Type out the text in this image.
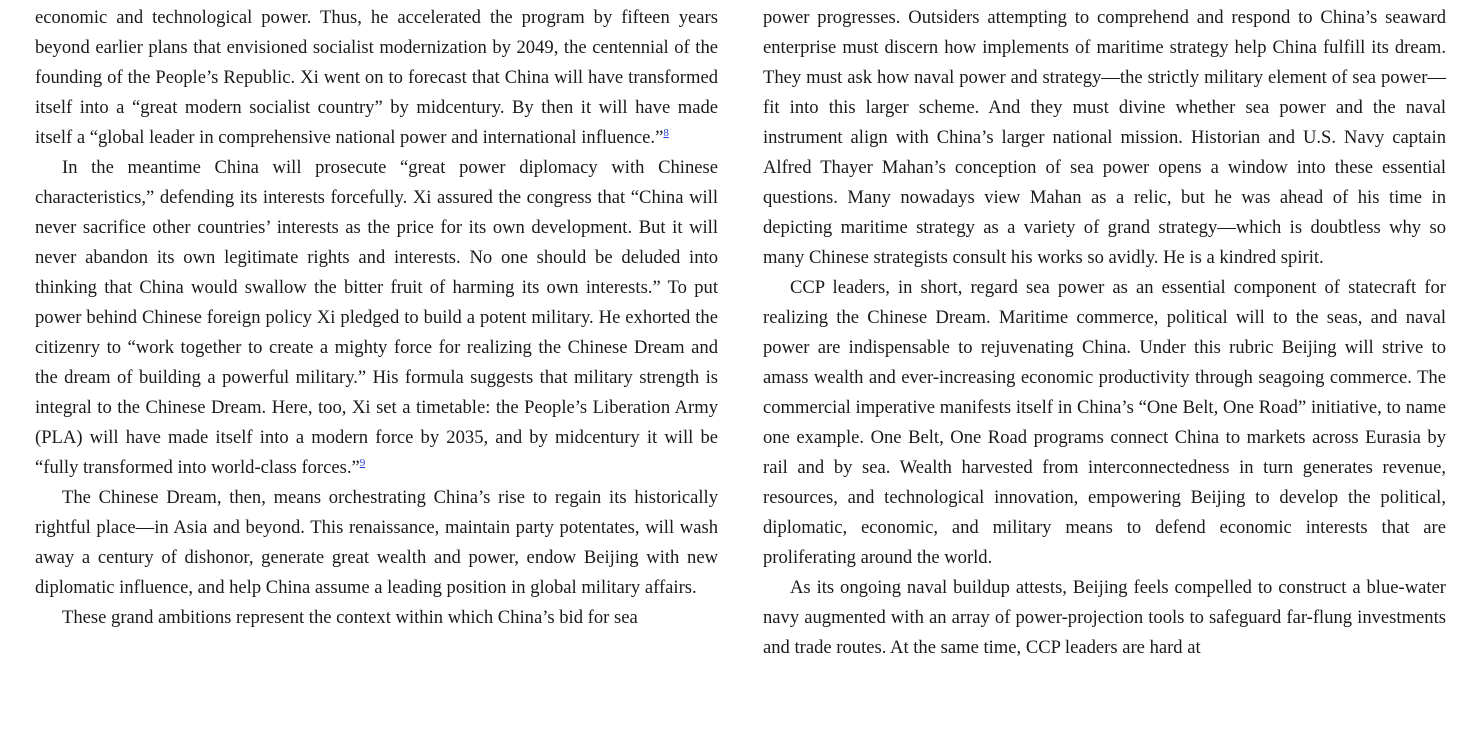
economic and technological power. Thus, he accelerated the program by fifteen years beyond earlier plans that envisioned socialist modernization by 2049, the centennial of the founding of the People’s Republic. Xi went on to forecast that China will have transformed itself into a “great modern socialist country” by midcentury. By then it will have made itself a “global leader in comprehensive national power and international influence.”$^8$

In the meantime China will prosecute “great power diplomacy with Chinese characteristics,” defending its interests forcefully. Xi assured the congress that “China will never sacrifice other countries’ interests as the price for its own development. But it will never abandon its own legitimate rights and interests. No one should be deluded into thinking that China would swallow the bitter fruit of harming its own interests.” To put power behind Chinese foreign policy Xi pledged to build a potent military. He exhorted the citizenry to “work together to create a mighty force for realizing the Chinese Dream and the dream of building a powerful military.” His formula suggests that military strength is integral to the Chinese Dream. Here, too, Xi set a timetable: the People’s Liberation Army (PLA) will have made itself into a modern force by 2035, and by midcentury it will be “fully transformed into world-class forces.”$^9$

The Chinese Dream, then, means orchestrating China’s rise to regain its historically rightful place—in Asia and beyond. This renaissance, maintain party potentates, will wash away a century of dishonor, generate great wealth and power, endow Beijing with new diplomatic influence, and help China assume a leading position in global military affairs.

These grand ambitions represent the context within which China’s bid for sea

power progresses. Outsiders attempting to comprehend and respond to China’s seaward enterprise must discern how implements of maritime strategy help China fulfill its dream. They must ask how naval power and strategy—the strictly military element of sea power—fit into this larger scheme. And they must divine whether sea power and the naval instrument align with China’s larger national mission. Historian and U.S. Navy captain Alfred Thayer Mahan’s conception of sea power opens a window into these essential questions. Many nowadays view Mahan as a relic, but he was ahead of his time in depicting maritime strategy as a variety of grand strategy—which is doubtless why so many Chinese strategists consult his works so avidly. He is a kindred spirit.

CCP leaders, in short, regard sea power as an essential component of statecraft for realizing the Chinese Dream. Maritime commerce, political will to the seas, and naval power are indispensable to rejuvenating China. Under this rubric Beijing will strive to amass wealth and ever-increasing economic productivity through seagoing commerce. The commercial imperative manifests itself in China’s “One Belt, One Road” initiative, to name one example. One Belt, One Road programs connect China to markets across Eurasia by rail and by sea. Wealth harvested from interconnectedness in turn generates revenue, resources, and technological innovation, empowering Beijing to develop the political, diplomatic, economic, and military means to defend economic interests that are proliferating around the world.

As its ongoing naval buildup attests, Beijing feels compelled to construct a blue-water navy augmented with an array of power-projection tools to safeguard far-flung investments and trade routes. At the same time, CCP leaders are hard at
